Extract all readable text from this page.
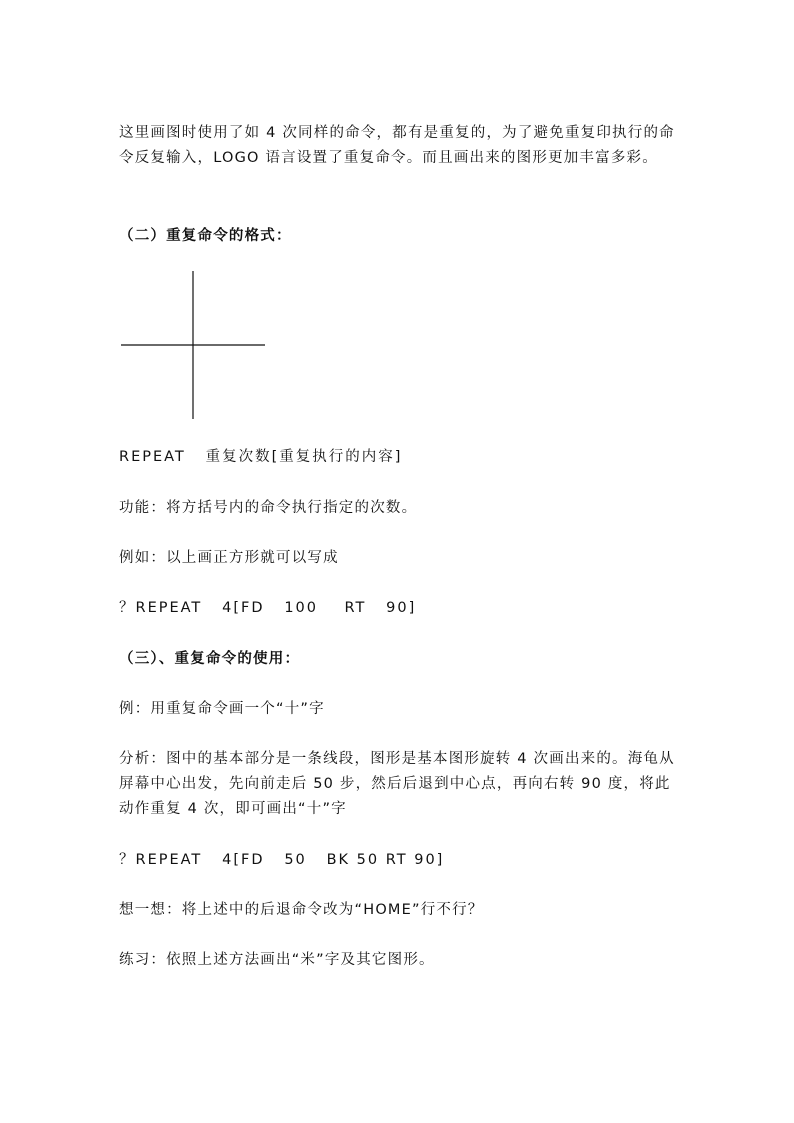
这里画图时使用了如 4 次同样的命令，都有是重复的，为了避免重复印执行的命令反复输入，LOGO 语言设置了重复命令。而且画出来的图形更加丰富多彩。

（二）重复命令的格式：

REPEAT   重复次数[重复执行的内容]

功能：将方括号内的命令执行指定的次数。

例如：以上画正方形就可以写成

？REPEAT   4[FD   100    RT   90]

（三）、重复命令的使用：

例：用重复命令画一个“十”字

分析：图中的基本部分是一条线段，图形是基本图形旋转 4 次画出来的。海龟从屏幕中心出发，先向前走后 50 步，然后后退到中心点，再向右转 90 度，将此动作重复 4 次，即可画出“十”字

？REPEAT   4[FD   50   BK 50 RT 90]

想一想：将上述中的后退命令改为“HOME”行不行？

练习：依照上述方法画出“米”字及其它图形。
